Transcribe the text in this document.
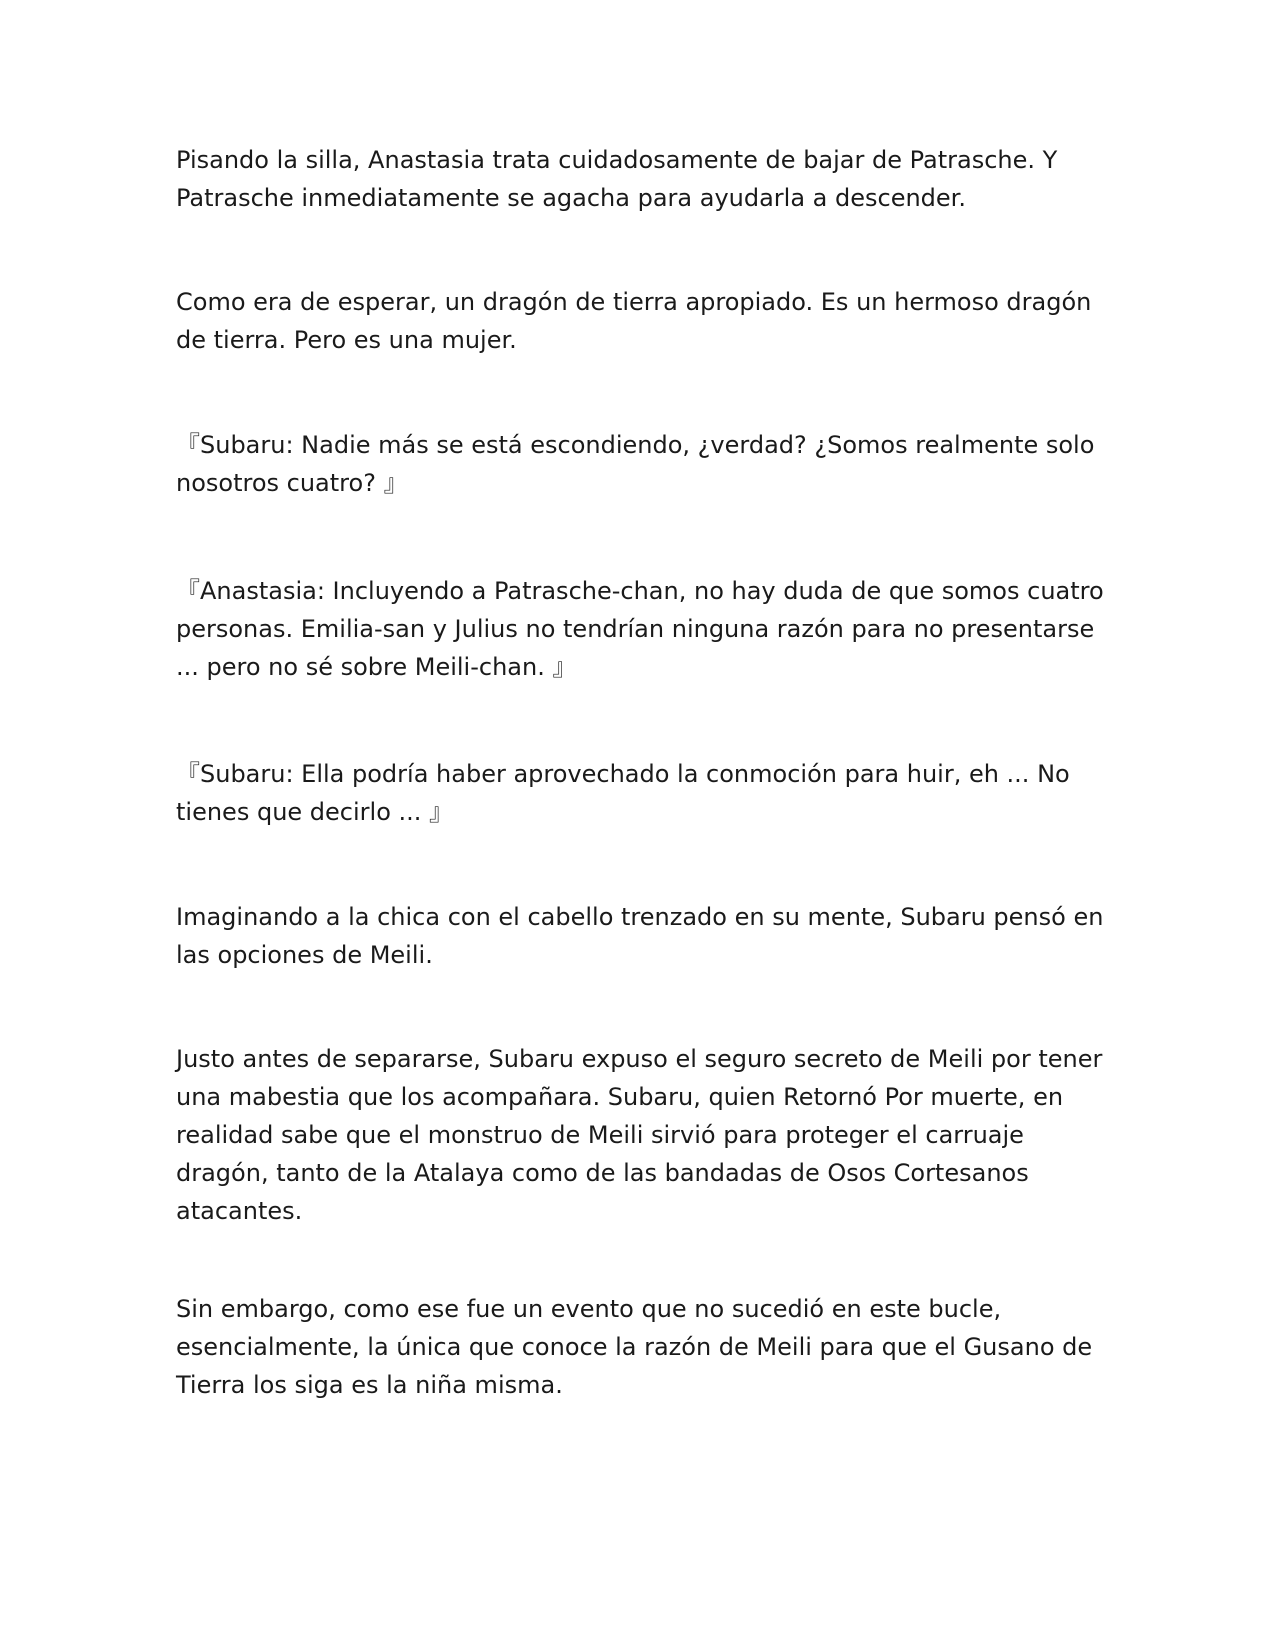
Pisando la silla, Anastasia trata cuidadosamente de bajar de Patrasche. Y
Patrasche inmediatamente se agacha para ayudarla a descender.

Como era de esperar, un dragón de tierra apropiado. Es un hermoso dragón
de tierra. Pero es una mujer.

『Subaru: Nadie más se está escondiendo, ¿verdad? ¿Somos realmente solo
nosotros cuatro? 』

『Anastasia: Incluyendo a Patrasche-chan, no hay duda de que somos cuatro
personas. Emilia-san y Julius no tendrían ninguna razón para no presentarse
... pero no sé sobre Meili-chan. 』

『Subaru: Ella podría haber aprovechado la conmoción para huir, eh ... No
tienes que decirlo ... 』

Imaginando a la chica con el cabello trenzado en su mente, Subaru pensó en
las opciones de Meili.

Justo antes de separarse, Subaru expuso el seguro secreto de Meili por tener
una mabestia que los acompañara. Subaru, quien Retornó Por muerte, en
realidad sabe que el monstruo de Meili sirvió para proteger el carruaje
dragón, tanto de la Atalaya como de las bandadas de Osos Cortesanos
atacantes.

Sin embargo, como ese fue un evento que no sucedió en este bucle,
esencialmente, la única que conoce la razón de Meili para que el Gusano de
Tierra los siga es la niña misma.
